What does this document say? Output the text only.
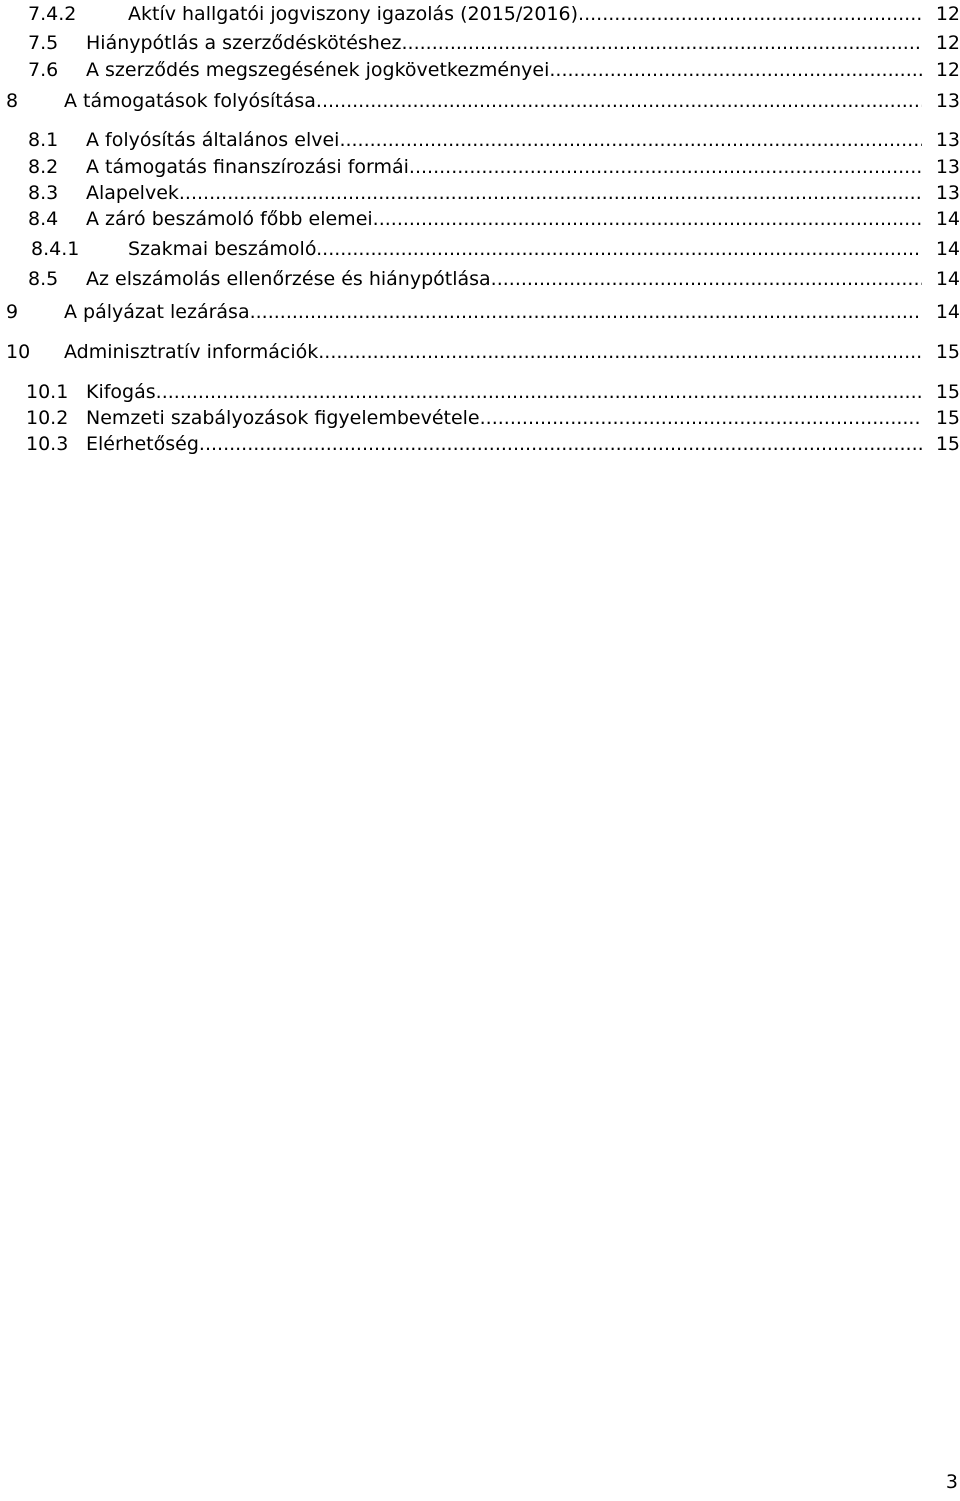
7.4.2	Aktív hallgatói jogviszony igazolás (2015/2016) .....	12
7.5 Hiánypótlás a szerződéskötéshez .....	12
7.6 A szerződés megszegésének jogkövetkezményei .....	12
8 A támogatások folyósítása .....	13
8.1 A folyósítás általános elvei .....	13
8.2 A támogatás finanszírozási formái .....	13
8.3 Alapelvek .....	13
8.4 A záró beszámoló főbb elemei .....	14
8.4.1	Szakmai beszámoló .....	14
8.5 Az elszámolás ellenőrzése és hiánypótlása .....	14
9 A pályázat lezárása .....	14
10 Adminisztratív információk .....	15
10.1 Kifogás .....	15
10.2 Nemzeti szabályozások figyelembevétele .....	15
10.3 Elérhetőség .....	15
3
